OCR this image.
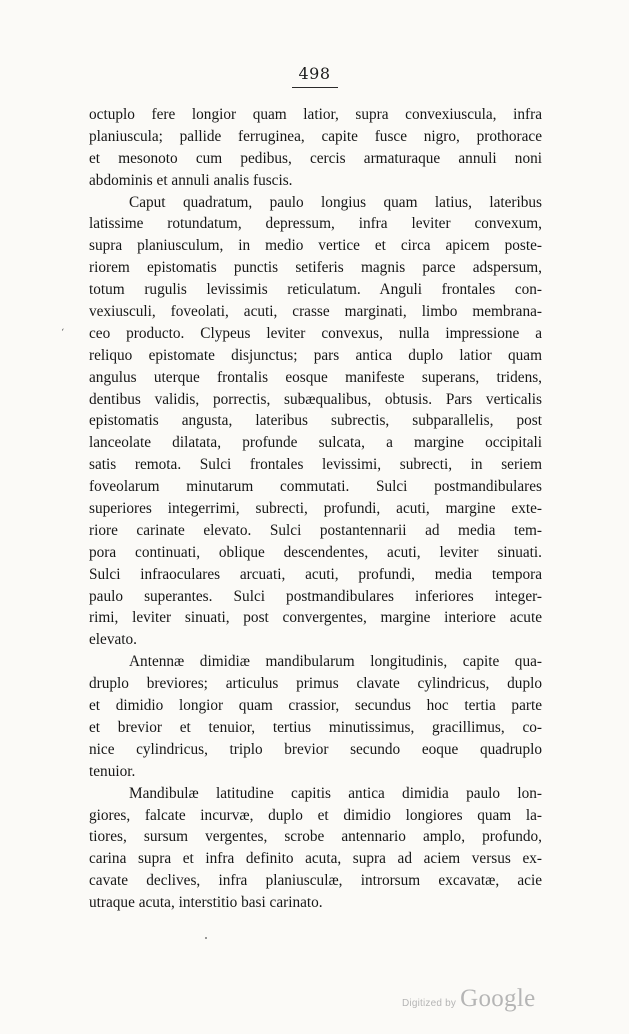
498
´
octuplo fere longior quam latior, supra convexiuscula, infra
planiuscula; pallide ferruginea, capite fusce nigro, prothorace
et mesonoto cum pedibus, cercis armaturaque annuli noni
abdominis et annuli analis fuscis.
Caput quadratum, paulo longius quam latius, lateribus
latissime rotundatum, depressum, infra leviter convexum,
supra planiusculum, in medio vertice et circa apicem poste-
riorem epistomatis punctis setiferis magnis parce adspersum,
totum rugulis levissimis reticulatum. Anguli frontales con-
vexiusculi, foveolati, acuti, crasse marginati, limbo membrana-
ceo producto. Clypeus leviter convexus, nulla impressione a
reliquo epistomate disjunctus; pars antica duplo latior quam
angulus uterque frontalis eosque manifeste superans, tridens,
dentibus validis, porrectis, subæqualibus, obtusis. Pars verticalis
epistomatis angusta, lateribus subrectis, subparallelis, post
lanceolate dilatata, profunde sulcata, a margine occipitali
satis remota. Sulci frontales levissimi, subrecti, in seriem
foveolarum minutarum commutati. Sulci postmandibulares
superiores integerrimi, subrecti, profundi, acuti, margine exte-
riore carinate elevato. Sulci postantennarii ad media tem-
pora continuati, oblique descendentes, acuti, leviter sinuati.
Sulci infraoculares arcuati, acuti, profundi, media tempora
paulo superantes. Sulci postmandibulares inferiores integer-
rimi, leviter sinuati, post convergentes, margine interiore acute
elevato.
Antennæ dimidiæ mandibularum longitudinis, capite qua-
druplo breviores; articulus primus clavate cylindricus, duplo
et dimidio longior quam crassior, secundus hoc tertia parte
et brevior et tenuior, tertius minutissimus, gracillimus, co-
nice cylindricus, triplo brevior secundo eoque quadruplo
tenuior.
Mandibulæ latitudine capitis antica dimidia paulo lon-
giores, falcate incurvæ, duplo et dimidio longiores quam la-
tiores, sursum vergentes, scrobe antennario amplo, profundo,
carina supra et infra definito acuta, supra ad aciem versus ex-
cavate declives, infra planiusculæ, introrsum excavatæ, acie
utraque acuta, interstitio basi carinato.
Digitized by Google
